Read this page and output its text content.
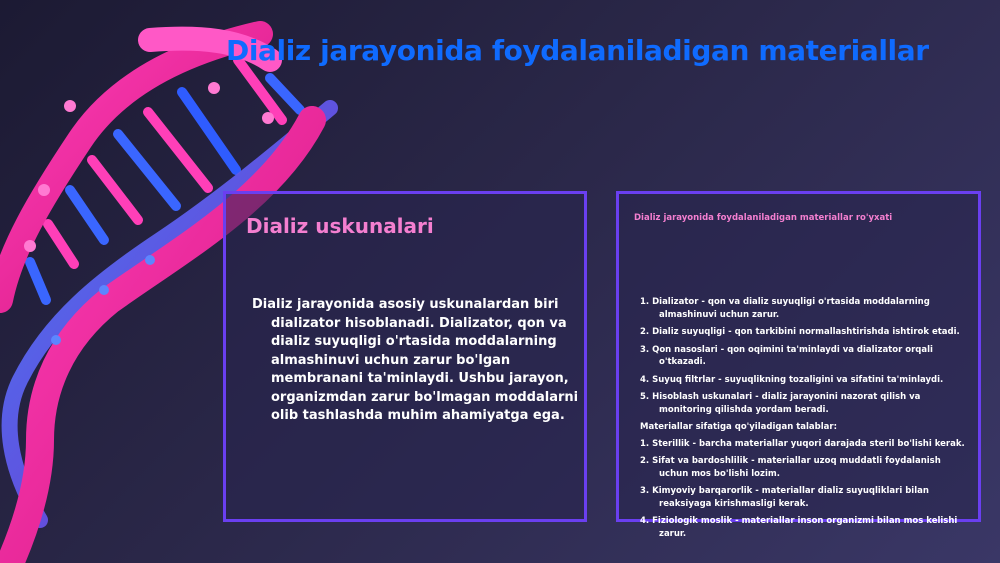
Dializ jarayonida foydalaniladigan materiallar
Dializ uskunalari

Dializ jarayonida asosiy uskunalardan biri dializator hisoblanadi. Dializator, qon va dializ suyuqligi o'rtasida moddalarning almashinuvi uchun zarur bo'lgan membranani ta'minlaydi. Ushbu jarayon, organizmdan zarur bo'lmagan moddalarni olib tashlashda muhim ahamiyatga ega.

Dializ jarayonida foydalaniladigan materiallar ro'yxati
1. Dializator - qon va dializ suyuqligi o'rtasida moddalarning almashinuvi uchun zarur.
2. Dializ suyuqligi - qon tarkibini normallashtirishda ishtirok etadi.
3. Qon nasoslari - qon oqimini ta'minlaydi va dializator orqali o'tkazadi.
4. Suyuq filtrlar - suyuqlikning tozaligini va sifatini ta'minlaydi.
5. Hisoblash uskunalari - dializ jarayonini nazorat qilish va monitoring qilishda yordam beradi.
Materiallar sifatiga qo'yiladigan talablar:
1. Sterillik - barcha materiallar yuqori darajada steril bo'lishi kerak.
2. Sifat va bardoshlilik - materiallar uzoq muddatli foydalanish uchun mos bo'lishi lozim.
3. Kimyoviy barqarorlik - materiallar dializ suyuqliklari bilan reaksiyaga kirishmasligi kerak.
4. Fiziologik moslik - materiallar inson organizmi bilan mos kelishi zarur.
